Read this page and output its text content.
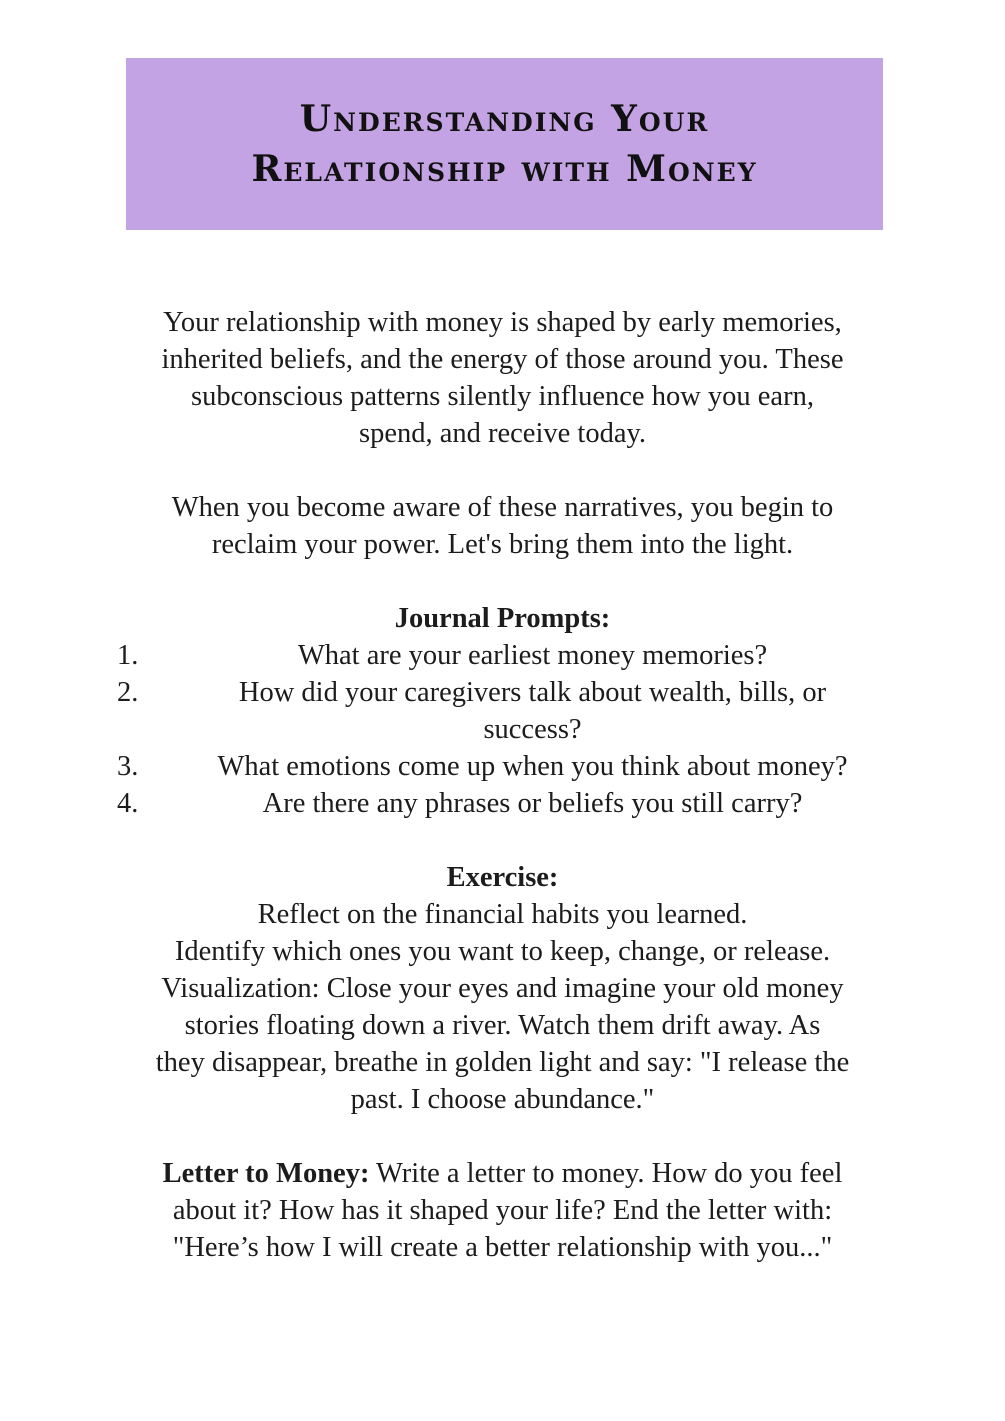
Understanding Your
Relationship with Money
Your relationship with money is shaped by early memories,
inherited beliefs, and the energy of those around you. These
subconscious patterns silently influence how you earn,
spend, and receive today.
When you become aware of these narratives, you begin to
reclaim your power. Let's bring them into the light.
Journal Prompts:
1.	What are your earliest money memories?
2.	How did your caregivers talk about wealth, bills, or
success?
3.	What emotions come up when you think about money?
4.	Are there any phrases or beliefs you still carry?
Exercise:
Reflect on the financial habits you learned.
Identify which ones you want to keep, change, or release.
Visualization: Close your eyes and imagine your old money
stories floating down a river. Watch them drift away. As
they disappear, breathe in golden light and say: "I release the
past. I choose abundance."
Letter to Money: Write a letter to money. How do you feel
about it? How has it shaped your life? End the letter with:
"Here’s how I will create a better relationship with you..."
